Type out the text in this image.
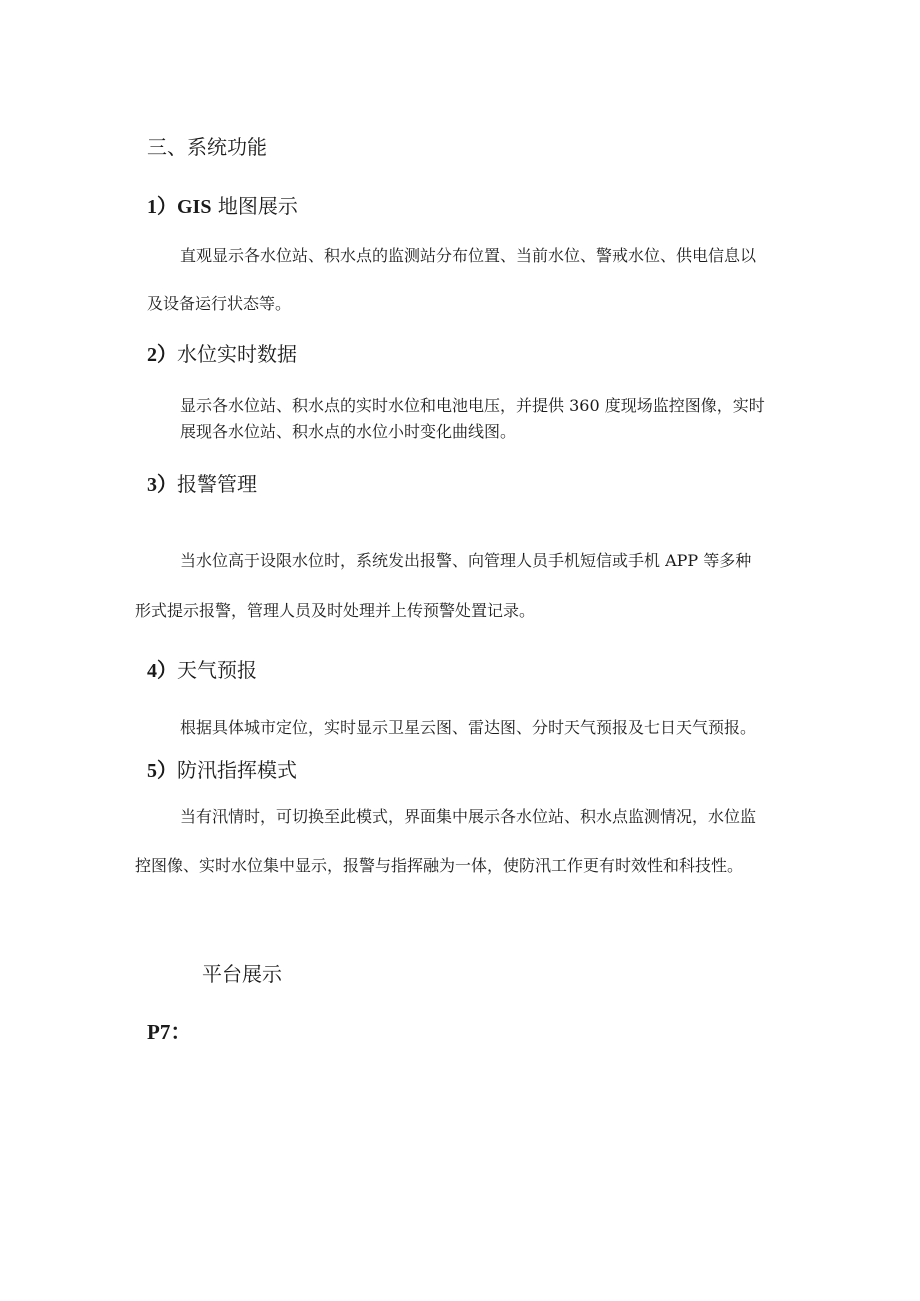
三、系统功能
1）GIS 地图展示
直观显示各水位站、积水点的监测站分布位置、当前水位、警戒水位、供电信息以
及设备运行状态等。
2）水位实时数据
显示各水位站、积水点的实时水位和电池电压，并提供 360 度现场监控图像，实时
展现各水位站、积水点的水位小时变化曲线图。
3）报警管理
当水位高于设限水位时，系统发出报警、向管理人员手机短信或手机 APP 等多种
形式提示报警，管理人员及时处理并上传预警处置记录。
4）天气预报
根据具体城市定位，实时显示卫星云图、雷达图、分时天气预报及七日天气预报。
5）防汛指挥模式
当有汛情时，可切换至此模式，界面集中展示各水位站、积水点监测情况，水位监
控图像、实时水位集中显示，报警与指挥融为一体，使防汛工作更有时效性和科技性。
平台展示
P7：
